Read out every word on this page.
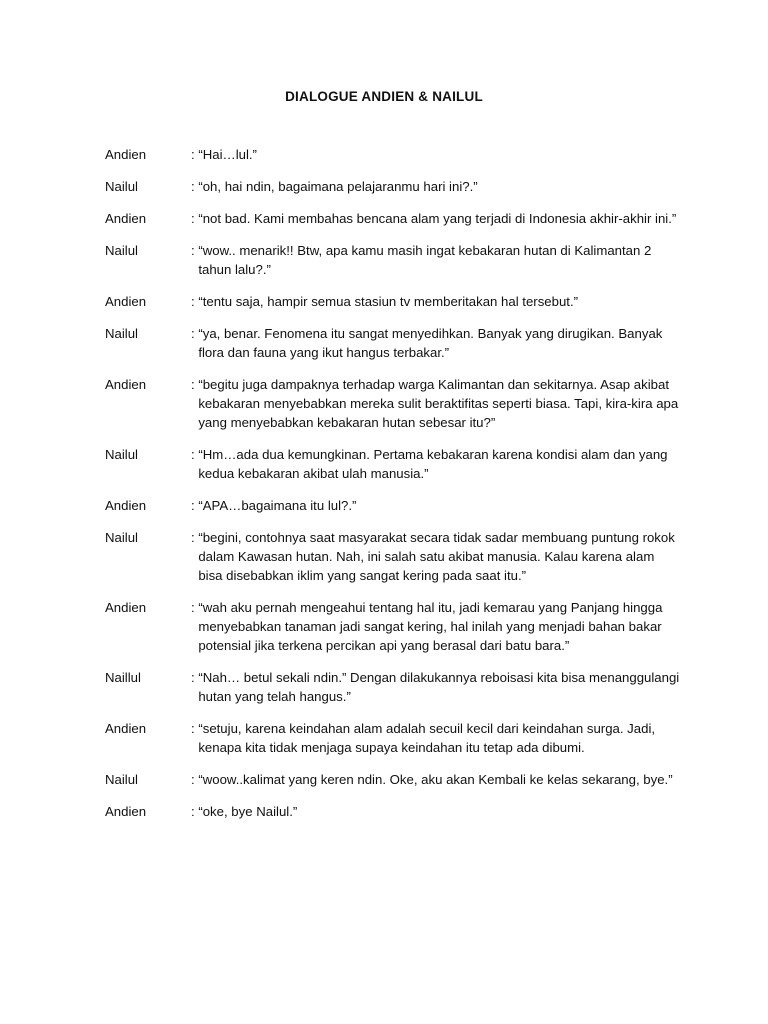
DIALOGUE ANDIEN & NAILUL
Andien	: “Hai…lul.”
Nailul	: “oh, hai ndin, bagaimana pelajaranmu hari ini?.”
Andien	: “not bad. Kami membahas bencana alam yang terjadi di Indonesia akhir-akhir ini.”
Nailul	: “wow.. menarik!! Btw, apa kamu masih ingat kebakaran hutan di Kalimantan 2 tahun lalu?.”
Andien	: “tentu saja, hampir semua stasiun tv memberitakan hal tersebut.”
Nailul	: “ya, benar. Fenomena itu sangat menyedihkan. Banyak yang dirugikan. Banyak flora dan fauna yang ikut hangus terbakar.”
Andien	: “begitu juga dampaknya terhadap warga Kalimantan dan sekitarnya. Asap akibat kebakaran menyebabkan mereka sulit beraktifitas seperti biasa. Tapi, kira-kira apa yang menyebabkan kebakaran hutan sebesar itu?”
Nailul	: “Hm…ada dua kemungkinan. Pertama kebakaran karena kondisi alam dan yang kedua kebakaran akibat ulah manusia.”
Andien	: “APA…bagaimana itu lul?.”
Nailul	: “begini, contohnya saat masyarakat secara tidak sadar membuang puntung rokok dalam Kawasan hutan. Nah, ini salah satu akibat manusia. Kalau karena alam bisa disebabkan iklim yang sangat kering pada saat itu.”
Andien	: “wah aku pernah mengeahui tentang hal itu, jadi kemarau yang Panjang hingga menyebabkan tanaman jadi sangat kering, hal inilah yang menjadi bahan bakar potensial jika terkena percikan api yang berasal dari batu bara.”
Naillul	: “Nah… betul sekali ndin.” Dengan dilakukannya reboisasi kita bisa menanggulangi hutan yang telah hangus.”
Andien	: “setuju, karena keindahan alam adalah secuil kecil dari keindahan surga. Jadi, kenapa kita tidak menjaga supaya keindahan itu tetap ada dibumi.
Nailul	: “woow..kalimat yang keren ndin. Oke, aku akan Kembali ke kelas sekarang, bye.”
Andien	: “oke, bye Nailul.”
